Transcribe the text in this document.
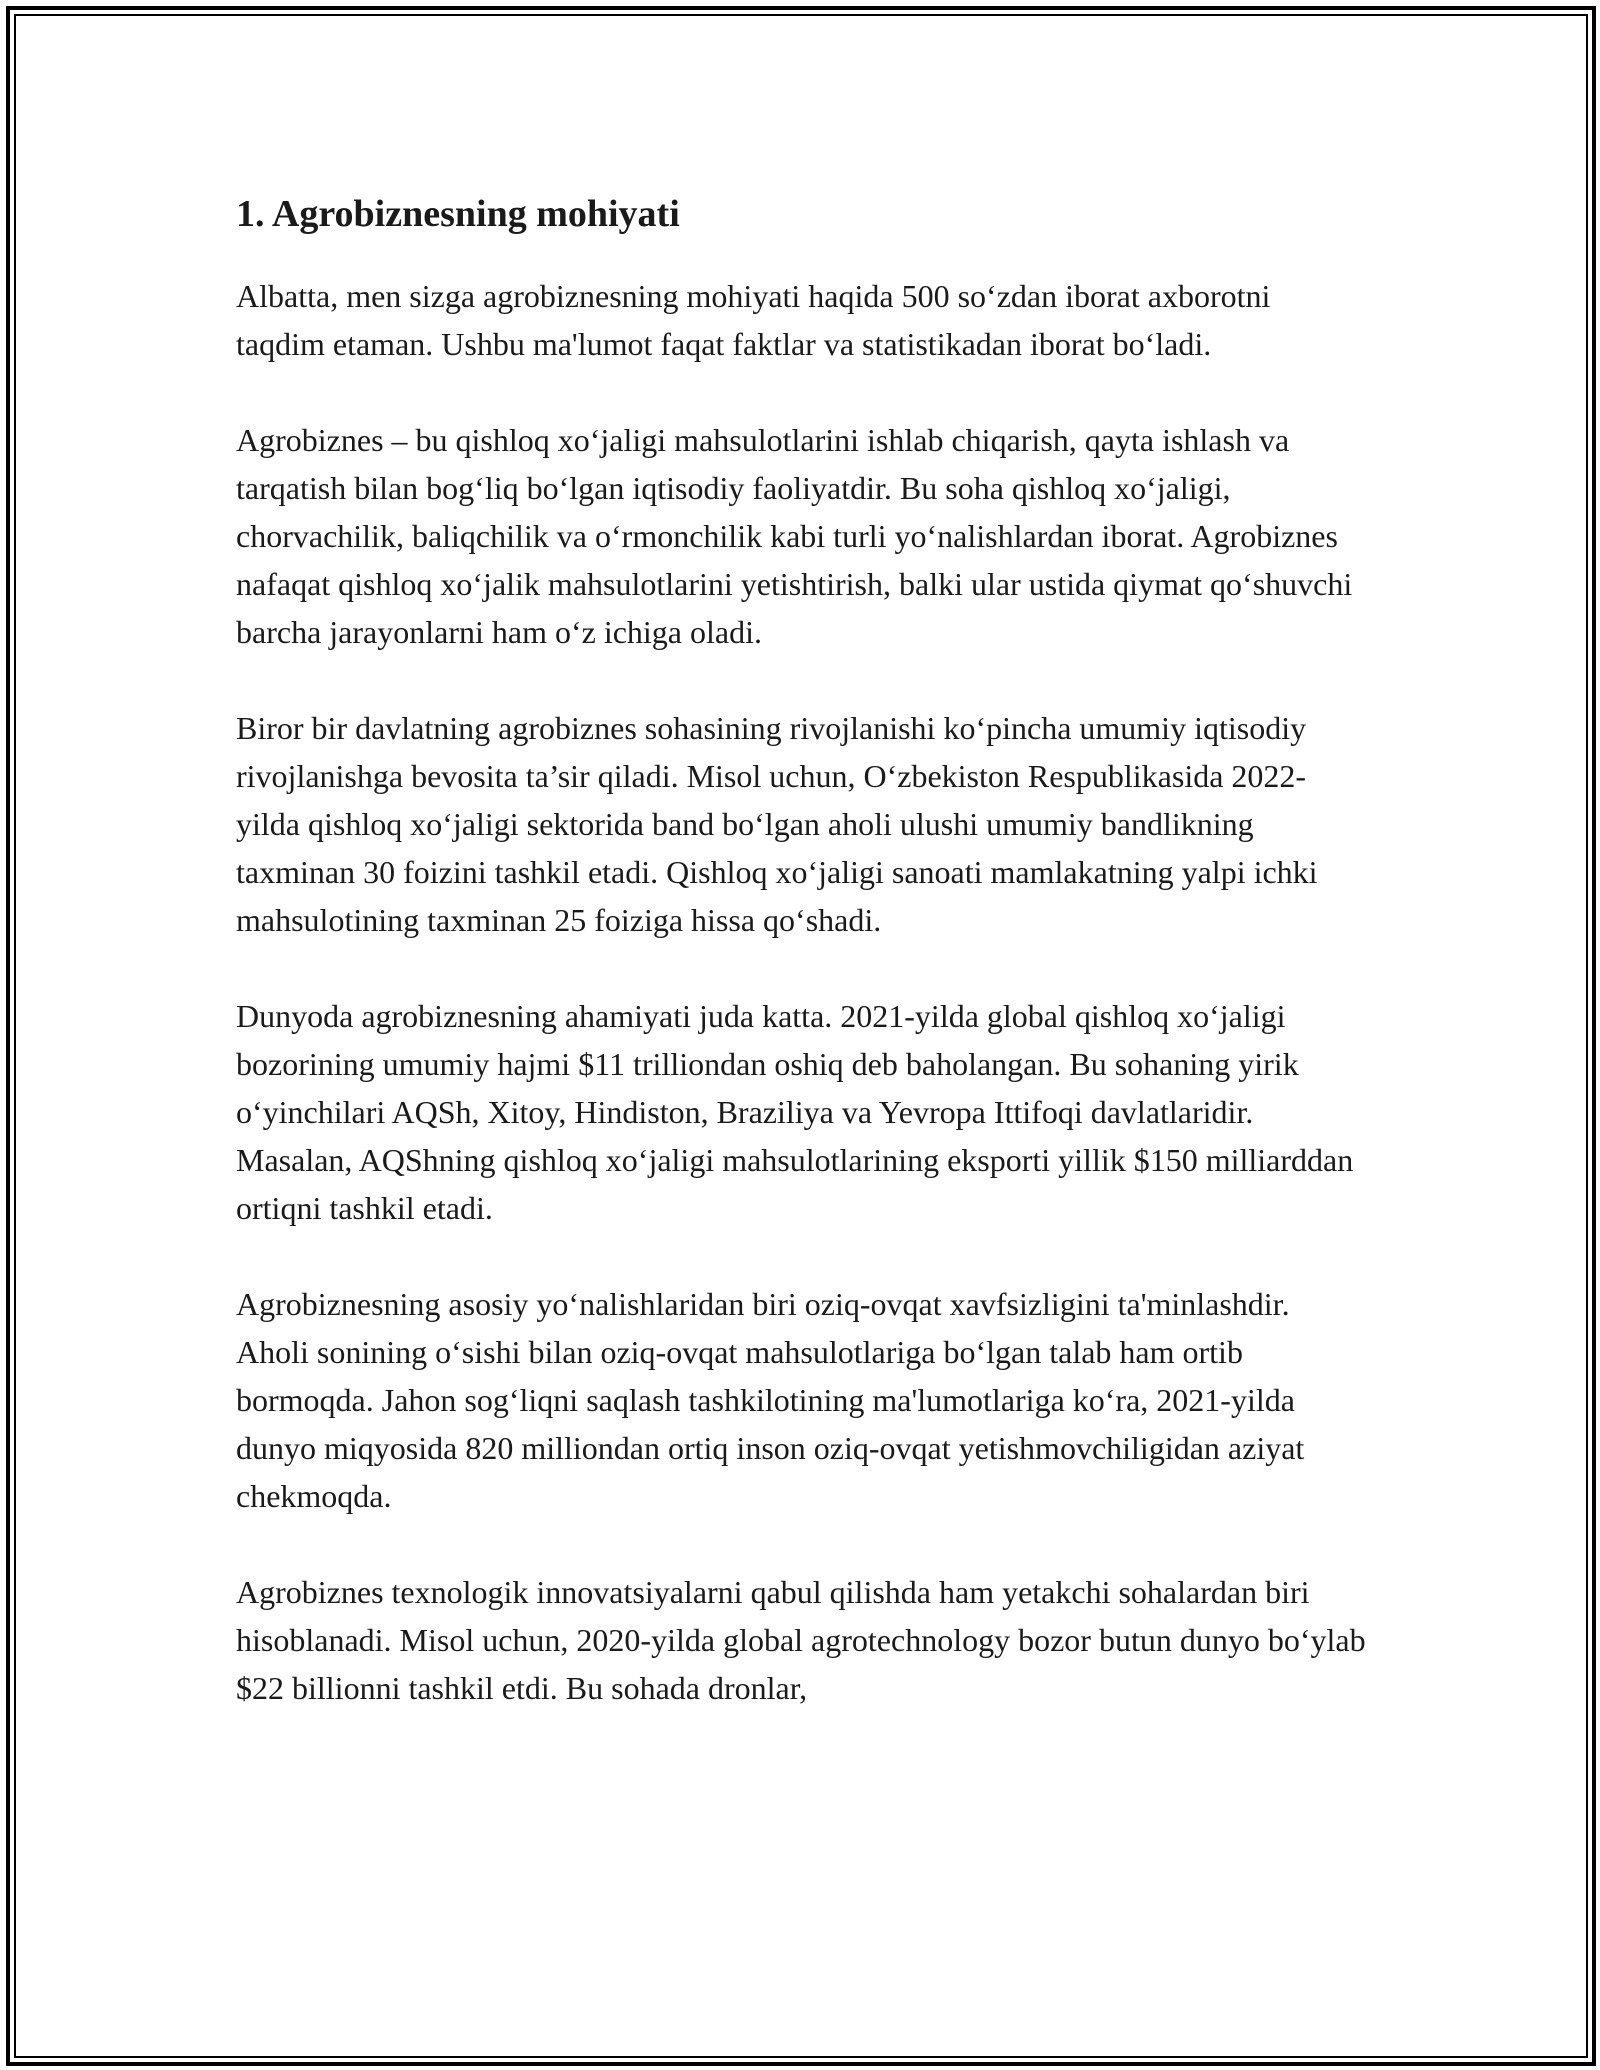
1. Agrobiznesning mohiyati

Albatta, men sizga agrobiznesning mohiyati haqida 500 so‘zdan iborat axborotni taqdim etaman. Ushbu ma'lumot faqat faktlar va statistikadan iborat bo‘ladi.

Agrobiznes – bu qishloq xo‘jaligi mahsulotlarini ishlab chiqarish, qayta ishlash va tarqatish bilan bog‘liq bo‘lgan iqtisodiy faoliyatdir. Bu soha qishloq xo‘jaligi, chorvachilik, baliqchilik va o‘rmonchilik kabi turli yo‘nalishlardan iborat. Agrobiznes nafaqat qishloq xo‘jalik mahsulotlarini yetishtirish, balki ular ustida qiymat qo‘shuvchi barcha jarayonlarni ham o‘z ichiga oladi.

Biror bir davlatning agrobiznes sohasining rivojlanishi ko‘pincha umumiy iqtisodiy rivojlanishga bevosita ta’sir qiladi. Misol uchun, O‘zbekiston Respublikasida 2022-yilda qishloq xo‘jaligi sektorida band bo‘lgan aholi ulushi umumiy bandlikning taxminan 30 foizini tashkil etadi. Qishloq xo‘jaligi sanoati mamlakatning yalpi ichki mahsulotining taxminan 25 foiziga hissa qo‘shadi.

Dunyoda agrobiznesning ahamiyati juda katta. 2021-yilda global qishloq xo‘jaligi bozorining umumiy hajmi $11 trilliondan oshiq deb baholangan. Bu sohaning yirik o‘yinchilari AQSh, Xitoy, Hindiston, Braziliya va Yevropa Ittifoqi davlatlaridir. Masalan, AQShning qishloq xo‘jaligi mahsulotlarining eksporti yillik $150 milliarddan ortiqni tashkil etadi.

Agrobiznesning asosiy yo‘nalishlaridan biri oziq-ovqat xavfsizligini ta'minlashdir. Aholi sonining o‘sishi bilan oziq-ovqat mahsulotlariga bo‘lgan talab ham ortib bormoqda. Jahon sog‘liqni saqlash tashkilotining ma'lumotlariga ko‘ra, 2021-yilda dunyo miqyosida 820 milliondan ortiq inson oziq-ovqat yetishmovchiligidan aziyat chekmoqda.

Agrobiznes texnologik innovatsiyalarni qabul qilishda ham yetakchi sohalardan biri hisoblanadi. Misol uchun, 2020-yilda global agrotechnology bozor butun dunyo bo‘ylab $22 billionni tashkil etdi. Bu sohada dronlar,
